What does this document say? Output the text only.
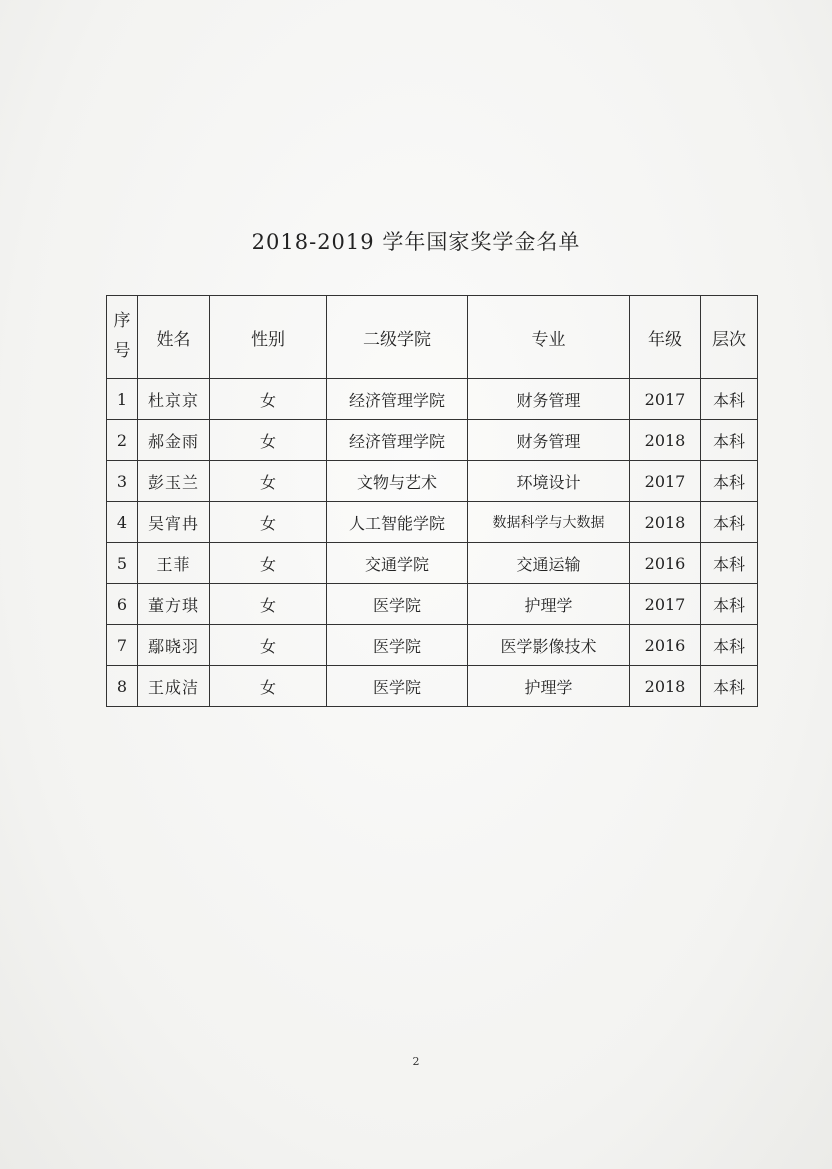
2018-2019 学年国家奖学金名单
序号	姓名	性别	二级学院	专业	年级	层次
1	杜京京	女	经济管理学院	财务管理	2017	本科
2	郝金雨	女	经济管理学院	财务管理	2018	本科
3	彭玉兰	女	文物与艺术	环境设计	2017	本科
4	吴宵冉	女	人工智能学院	数据科学与大数据	2018	本科
5	王菲	女	交通学院	交通运输	2016	本科
6	董方琪	女	医学院	护理学	2017	本科
7	鄢晓羽	女	医学院	医学影像技术	2016	本科
8	王成洁	女	医学院	护理学	2018	本科
2
